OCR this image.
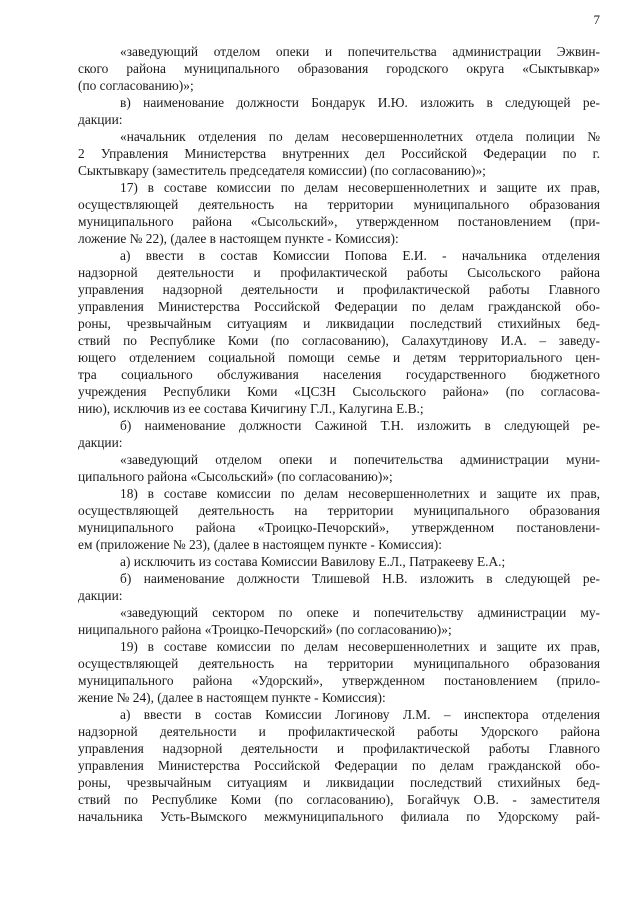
7
«заведующий отделом опеки и попечительства администрации Эжвин-
ского района муниципального образования городского округа «Сыктывкар»
(по согласованию)»;
в) наименование должности Бондарук И.Ю. изложить в следующей ре-
дакции:
«начальник отделения по делам несовершеннолетних отдела полиции №
2 Управления Министерства внутренних дел Российской Федерации по г.
Сыктывкару (заместитель председателя комиссии) (по согласованию)»;
17) в составе комиссии по делам несовершеннолетних и защите их прав,
осуществляющей деятельность на территории муниципального образования
муниципального района «Сысольский», утвержденном постановлением (при-
ложение № 22), (далее в настоящем пункте - Комиссия):
а) ввести в состав Комиссии Попова Е.И. - начальника отделения
надзорной деятельности и профилактической работы Сысольского района
управления надзорной деятельности и профилактической работы Главного
управления Министерства Российской Федерации по делам гражданской обо-
роны, чрезвычайным ситуациям и ликвидации последствий стихийных бед-
ствий по Республике Коми (по согласованию), Салахутдинову И.А. – заведу-
ющего отделением социальной помощи семье и детям территориального цен-
тра социального обслуживания населения государственного бюджетного
учреждения Республики Коми «ЦСЗН Сысольского района» (по согласова-
нию), исключив из ее состава Кичигину Г.Л., Калугина Е.В.;
б) наименование должности Сажиной Т.Н. изложить в следующей ре-
дакции:
«заведующий отделом опеки и попечительства администрации муни-
ципального района «Сысольский» (по согласованию)»;
18) в составе комиссии по делам несовершеннолетних и защите их прав,
осуществляющей деятельность на территории муниципального образования
муниципального района «Троицко-Печорский», утвержденном постановлени-
ем (приложение № 23), (далее в настоящем пункте - Комиссия):
а) исключить из состава Комиссии Вавилову Е.Л., Патракееву Е.А.;
б) наименование должности Тлишевой Н.В. изложить в следующей ре-
дакции:
«заведующий сектором по опеке и попечительству администрации му-
ниципального района «Троицко-Печорский» (по согласованию)»;
19) в составе комиссии по делам несовершеннолетних и защите их прав,
осуществляющей деятельность на территории муниципального образования
муниципального района «Удорский», утвержденном постановлением (прило-
жение № 24), (далее в настоящем пункте - Комиссия):
а) ввести в состав Комиссии Логинову Л.М. – инспектора отделения
надзорной деятельности и профилактической работы Удорского района
управления надзорной деятельности и профилактической работы Главного
управления Министерства Российской Федерации по делам гражданской обо-
роны, чрезвычайным ситуациям и ликвидации последствий стихийных бед-
ствий по Республике Коми (по согласованию), Богайчук О.В. - заместителя
начальника Усть-Вымского межмуниципального филиала по Удорскому рай-
